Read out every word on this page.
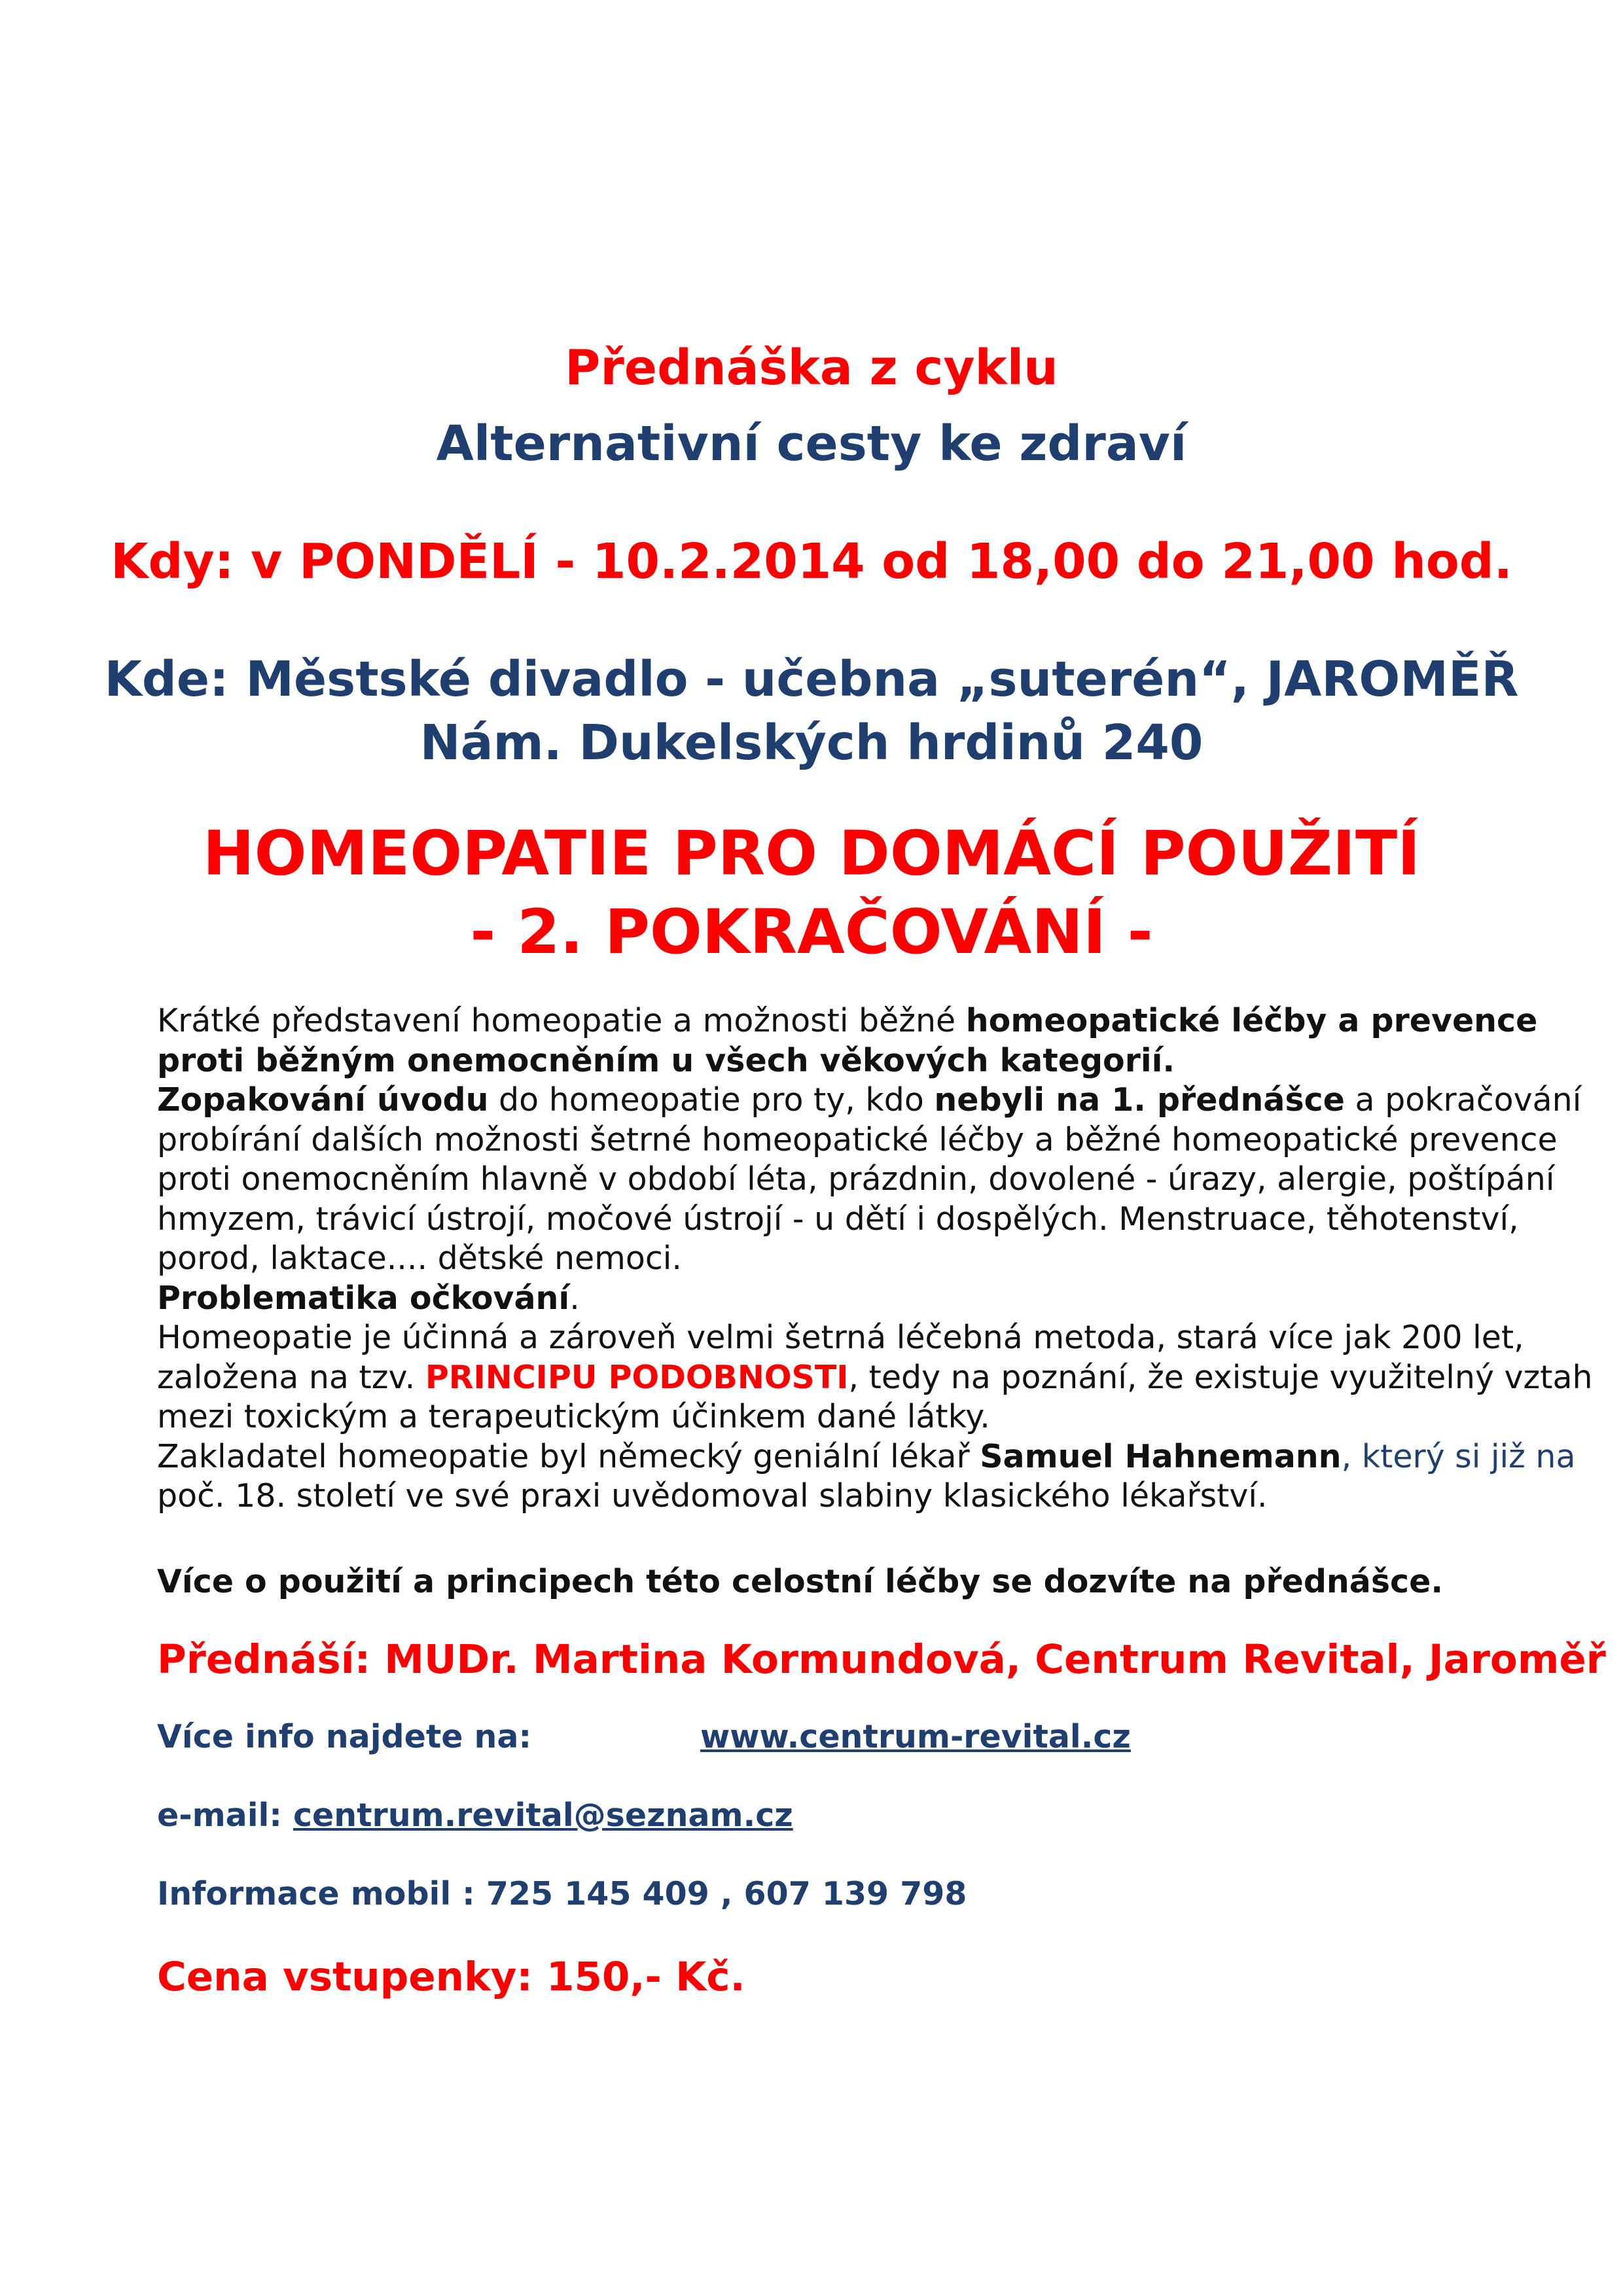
Přednáška z cyklu
Alternativní cesty ke zdraví
Kdy: v PONDĚLÍ - 10.2.2014 od 18,00 do 21,00 hod.
Kde: Městské divadlo - učebna „suterén“, JAROMĚŘ
Nám. Dukelských hrdinů 240
HOMEOPATIE PRO DOMÁCÍ POUŽITÍ
- 2. POKRAČOVÁNÍ -

Krátké představení homeopatie a možnosti běžné homeopatické léčby a prevence

proti běžným onemocněním u všech věkových kategorií.

Zopakování úvodu do homeopatie pro ty, kdo nebyli na 1. přednášce a pokračování

probírání dalších možnosti šetrné homeopatické léčby a běžné homeopatické prevence

proti onemocněním hlavně v období léta, prázdnin, dovolené - úrazy, alergie, poštípání

hmyzem, trávicí ústrojí, močové ústrojí - u dětí i dospělých. Menstruace, těhotenství,

porod, laktace.... dětské nemoci.

Problematika očkování.

Homeopatie je účinná a zároveň velmi šetrná léčebná metoda, stará více jak 200 let,

založena na tzv. PRINCIPU PODOBNOSTI, tedy na poznání, že existuje využitelný vztah

mezi toxickým a terapeutickým účinkem dané látky.

Zakladatel homeopatie byl německý geniální lékař Samuel Hahnemann, který si již na

poč. 18. století ve své praxi uvědomoval slabiny klasického lékařství.

Více o použití a principech této celostní léčby se dozvíte na přednášce.
Přednáší: MUDr. Martina Kormundová, Centrum Revital, Jaroměř
Více info najdete na:	www.centrum-revital.cz
e-mail: centrum.revital@seznam.cz
Informace mobil : 725 145 409 , 607 139 798
Cena vstupenky: 150,- Kč.
